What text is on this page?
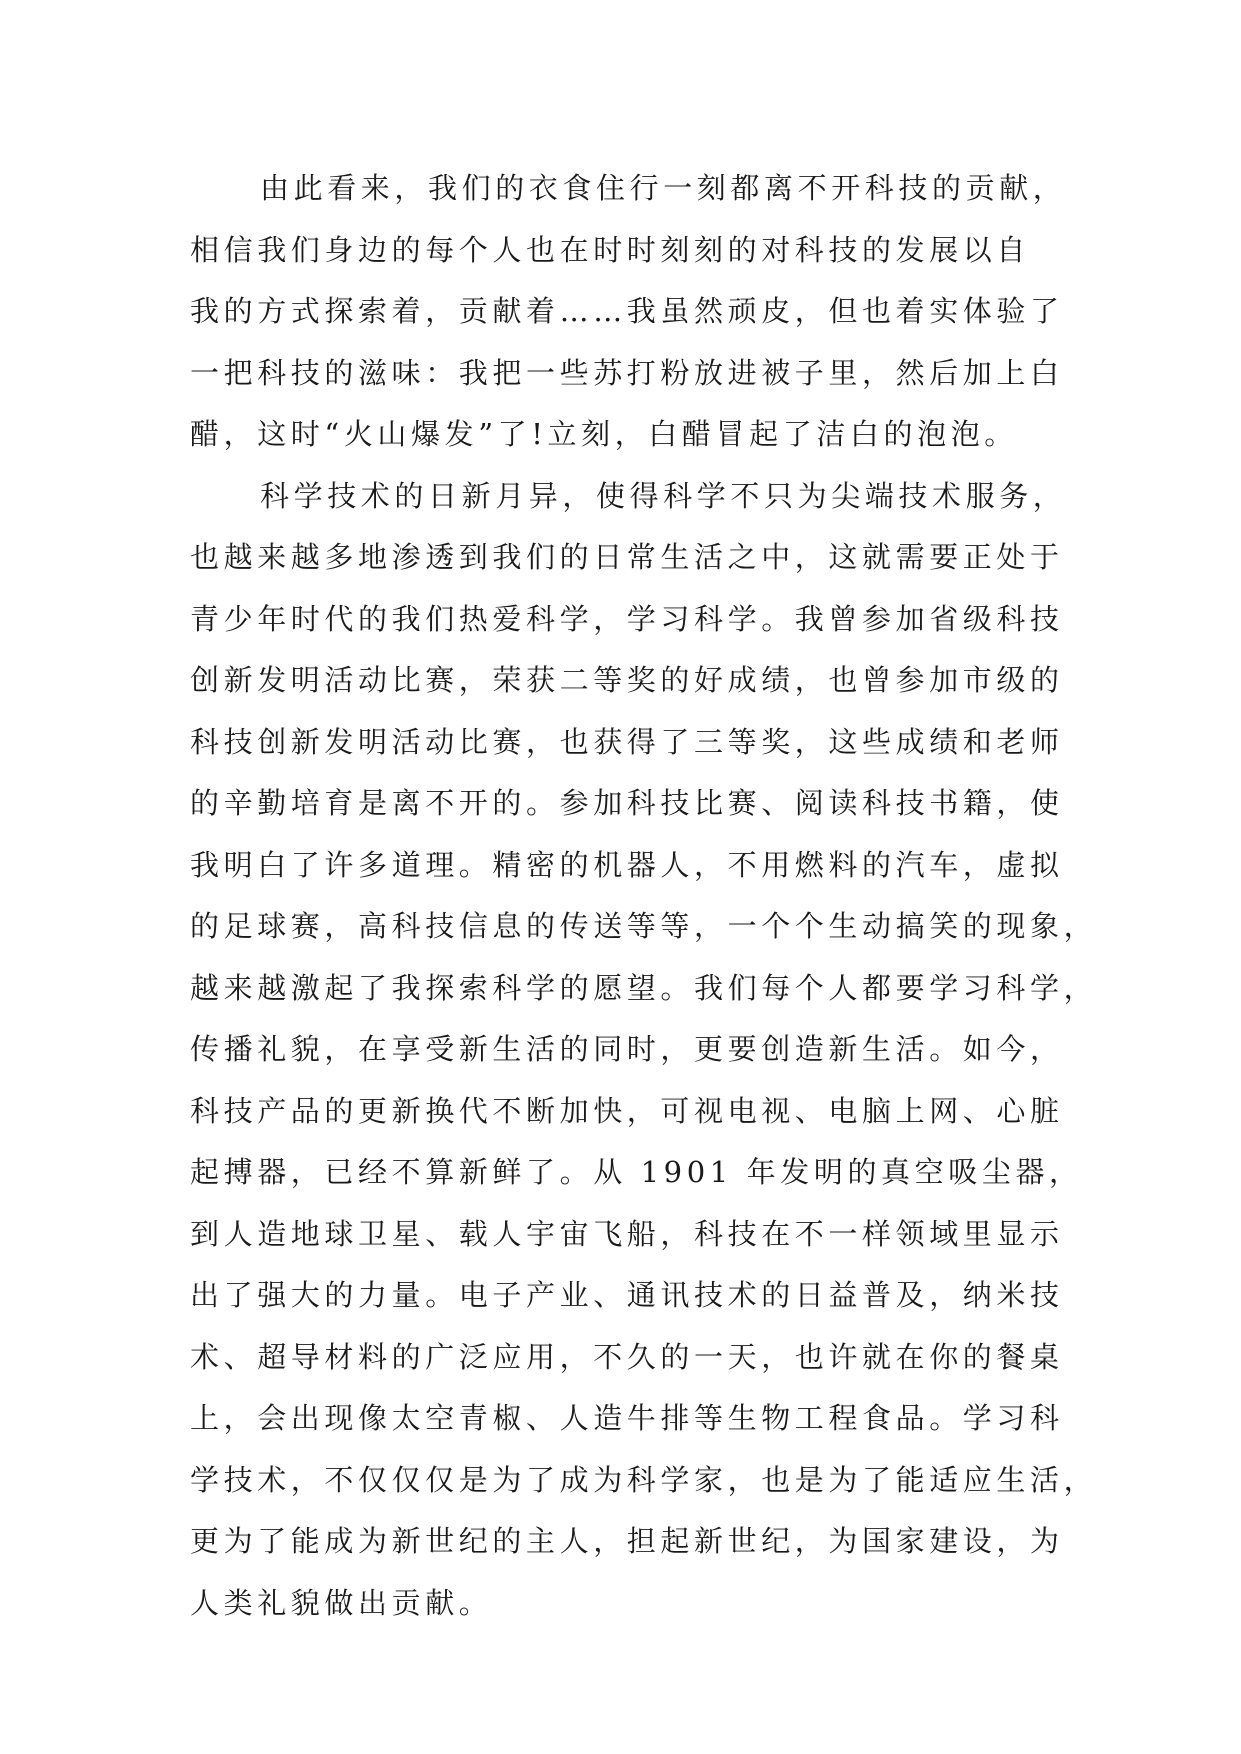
由此看来，我们的衣食住行一刻都离不开科技的贡献，
相信我们身边的每个人也在时时刻刻的对科技的发展以自
我的方式探索着，贡献着……我虽然顽皮，但也着实体验了
一把科技的滋味：我把一些苏打粉放进被子里，然后加上白
醋，这时“火山爆发”了!立刻，白醋冒起了洁白的泡泡。
科学技术的日新月异，使得科学不只为尖端技术服务，
也越来越多地渗透到我们的日常生活之中，这就需要正处于
青少年时代的我们热爱科学，学习科学。我曾参加省级科技
创新发明活动比赛，荣获二等奖的好成绩，也曾参加市级的
科技创新发明活动比赛，也获得了三等奖，这些成绩和老师
的辛勤培育是离不开的。参加科技比赛、阅读科技书籍，使
我明白了许多道理。精密的机器人，不用燃料的汽车，虚拟
的足球赛，高科技信息的传送等等，一个个生动搞笑的现象，
越来越激起了我探索科学的愿望。我们每个人都要学习科学，
传播礼貌，在享受新生活的同时，更要创造新生活。如今，
科技产品的更新换代不断加快，可视电视、电脑上网、心脏
起搏器，已经不算新鲜了。从 1901 年发明的真空吸尘器，
到人造地球卫星、载人宇宙飞船，科技在不一样领域里显示
出了强大的力量。电子产业、通讯技术的日益普及，纳米技
术、超导材料的广泛应用，不久的一天，也许就在你的餐桌
上，会出现像太空青椒、人造牛排等生物工程食品。学习科
学技术，不仅仅仅是为了成为科学家，也是为了能适应生活，
更为了能成为新世纪的主人，担起新世纪，为国家建设，为
人类礼貌做出贡献。
